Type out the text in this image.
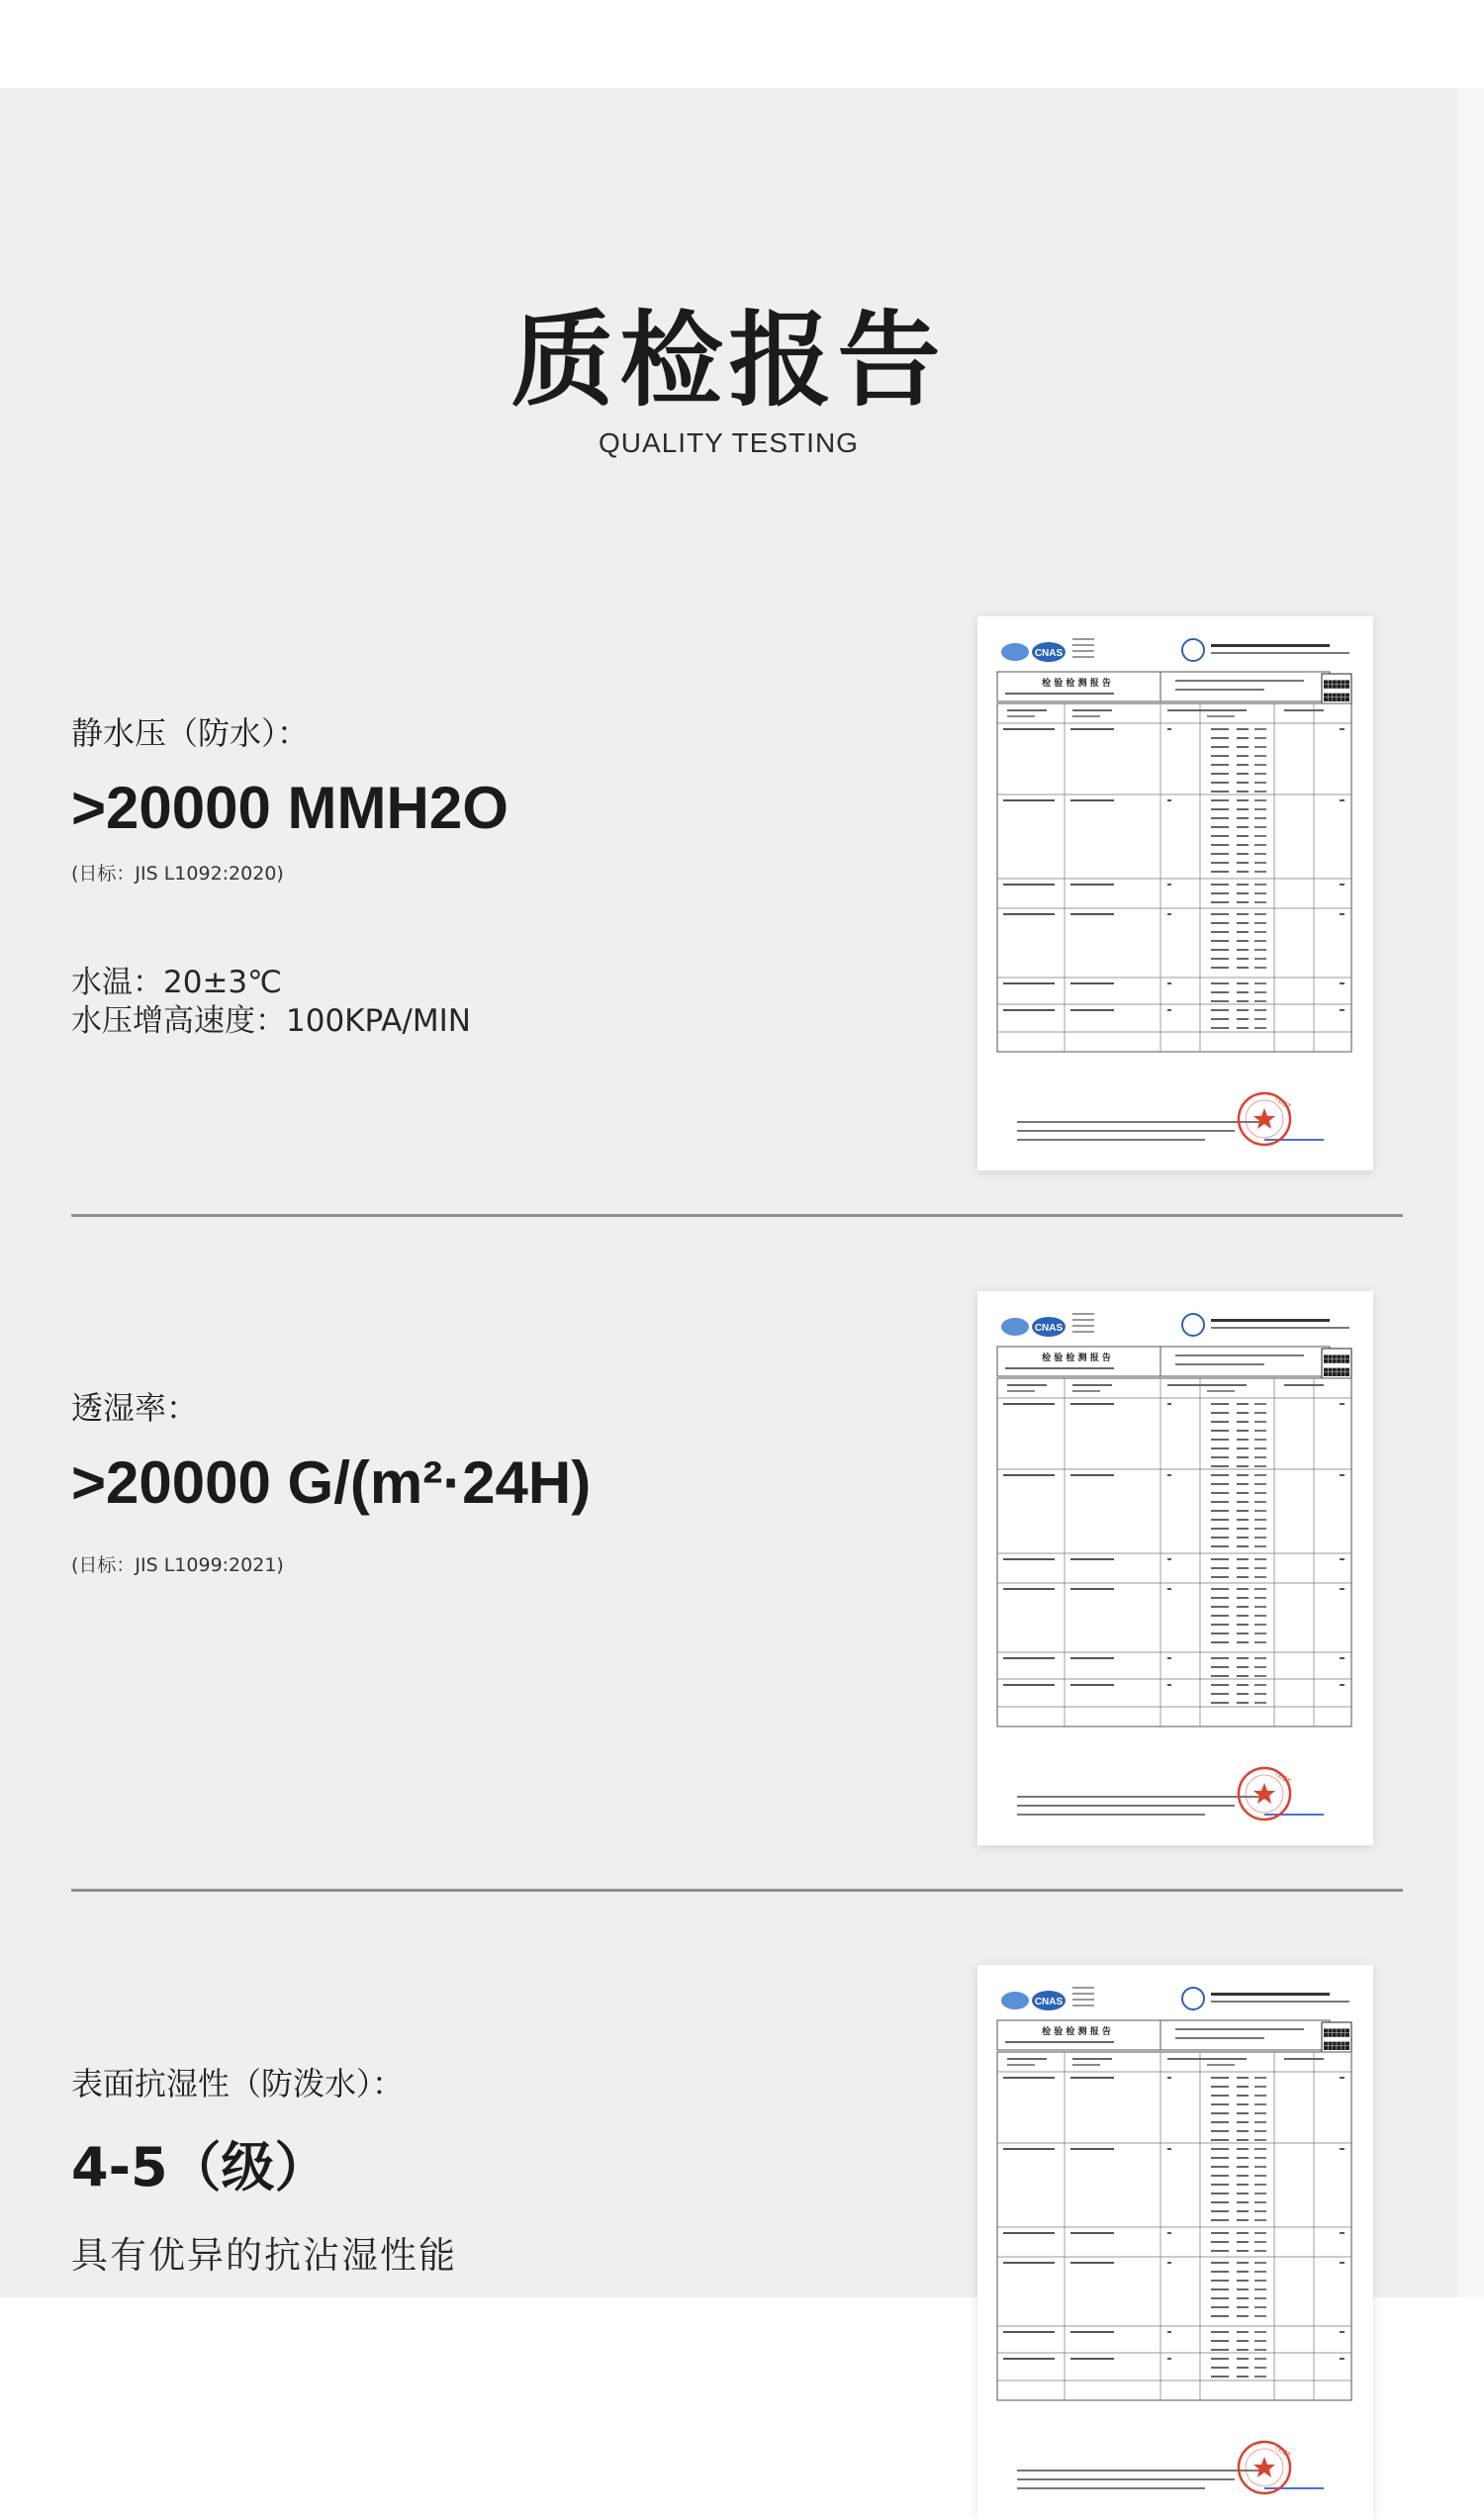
质检报告
QUALITY TESTING
静水压（防水）：
>20000 MMH2O
(日标：JIS L1092:2020)
水温：20±3℃
水压增高速度：100KPA/MIN
CNAS
检 验 检 测 报 告
TEST
透湿率：
>20000 G/(m²·24H)
(日标：JIS L1099:2021)
CNAS
检 验 检 测 报 告
TEST
表面抗湿性（防泼水）：
4-5（级）
具有优异的抗沾湿性能
CNAS
检 验 检 测 报 告
TEST
